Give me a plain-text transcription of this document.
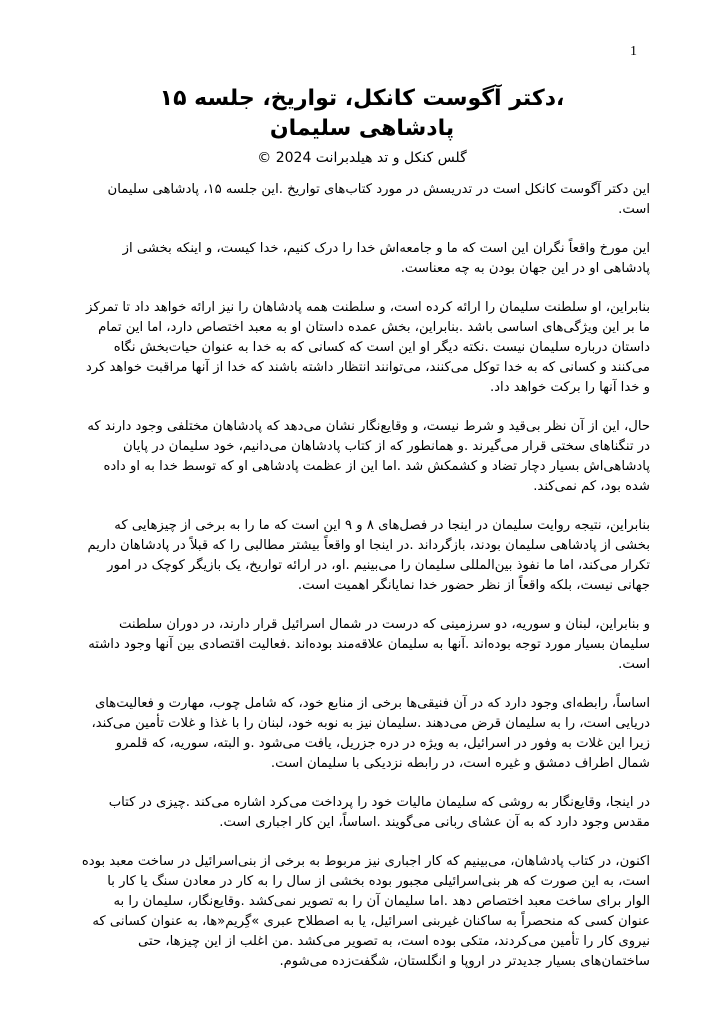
1
،دکتر آگوست کانکل، تواریخ، جلسه ۱۵
پادشاهی سلیمان
گلس کنکل و تد هیلدبرانت 2024 ©

این دکتر آگوست کانکل است در تدریسش در مورد کتاب‌های تواریخ .این جلسه ۱۵، پادشاهی سلیمان است.

این مورخ واقعاً نگران این است که ما و جامعه‌اش خدا را درک کنیم، خدا کیست، و اینکه بخشی از پادشاهی او در این جهان بودن به چه معناست.

بنابراین، او سلطنت سلیمان را ارائه کرده است، و سلطنت همه پادشاهان را نیز ارائه خواهد داد تا تمرکز ما بر این ویژگی‌های اساسی باشد .بنابراین، بخش عمده داستان او به معبد اختصاص دارد، اما این تمام داستان درباره سلیمان نیست .نکته دیگر او این است که کسانی که به خدا به عنوان حیات‌بخش نگاه می‌کنند و کسانی که به خدا توکل می‌کنند، می‌توانند انتظار داشته باشند که خدا از آنها مراقبت خواهد کرد و خدا آنها را برکت خواهد داد.

حال، این از آن نظر بی‌قید و شرط نیست، و وقایع‌نگار نشان می‌دهد که پادشاهان مختلفی وجود دارند که در تنگناهای سختی قرار می‌گیرند .و همانطور که از کتاب پادشاهان می‌دانیم، خود سلیمان در پایان پادشاهی‌اش بسیار دچار تضاد و کشمکش شد .اما این از عظمت پادشاهی او که توسط خدا به او داده شده بود، کم نمی‌کند.

بنابراین، نتیجه روایت سلیمان در اینجا در فصل‌های ۸ و ۹ این است که ما را به برخی از چیزهایی که بخشی از پادشاهی سلیمان بودند، بازگرداند .در اینجا او واقعاً بیشتر مطالبی را که قبلاً در پادشاهان داریم تکرار می‌کند، اما ما نفوذ بین‌المللی سلیمان را می‌بینیم .او، در ارائه تواریخ، یک بازیگر کوچک در امور جهانی نیست، بلکه واقعاً از نظر حضور خدا نمایانگر اهمیت است.

و بنابراین، لبنان و سوریه، دو سرزمینی که درست در شمال اسرائیل قرار دارند، در دوران سلطنت سلیمان بسیار مورد توجه بوده‌اند .آنها به سلیمان علاقه‌مند بوده‌اند .فعالیت اقتصادی بین آنها وجود داشته است.

اساساً، رابطه‌ای وجود دارد که در آن فنیقی‌ها برخی از منابع خود، که شامل چوب، مهارت و فعالیت‌های دریایی است، را به سلیمان قرض می‌دهند .سلیمان نیز به نوبه خود، لبنان را با غذا و غلات تأمین می‌کند، زیرا این غلات به وفور در اسرائیل، به ویژه در دره جزریل، یافت می‌شود .و البته، سوریه، که قلمرو شمال اطراف دمشق و غیره است، در رابطه نزدیکی با سلیمان است.

در اینجا، وقایع‌نگار به روشی که سلیمان مالیات خود را پرداخت می‌کرد اشاره می‌کند .چیزی در کتاب مقدس وجود دارد که به آن عشای ربانی می‌گویند .اساساً، این کار اجباری است.

اکنون، در کتاب پادشاهان، می‌بینیم که کار اجباری نیز مربوط به برخی از بنی‌اسرائیل در ساخت معبد بوده است، به این صورت که هر بنی‌اسرائیلی مجبور بوده بخشی از سال را به کار در معادن سنگ یا کار با الوار برای ساخت معبد اختصاص دهد .اما سلیمان آن را به تصویر نمی‌کشد .وقایع‌نگار، سلیمان را به عنوان کسی که منحصراً به ساکنان غیربنی اسرائیل، یا به اصطلاح عبری »گِریم«ها، به عنوان کسانی که نیروی کار را تأمین می‌کردند، متکی بوده است، به تصویر می‌کشد .من اغلب از این چیزها، حتی ساختمان‌های بسیار جدیدتر در اروپا و انگلستان، شگفت‌زده می‌شوم.
